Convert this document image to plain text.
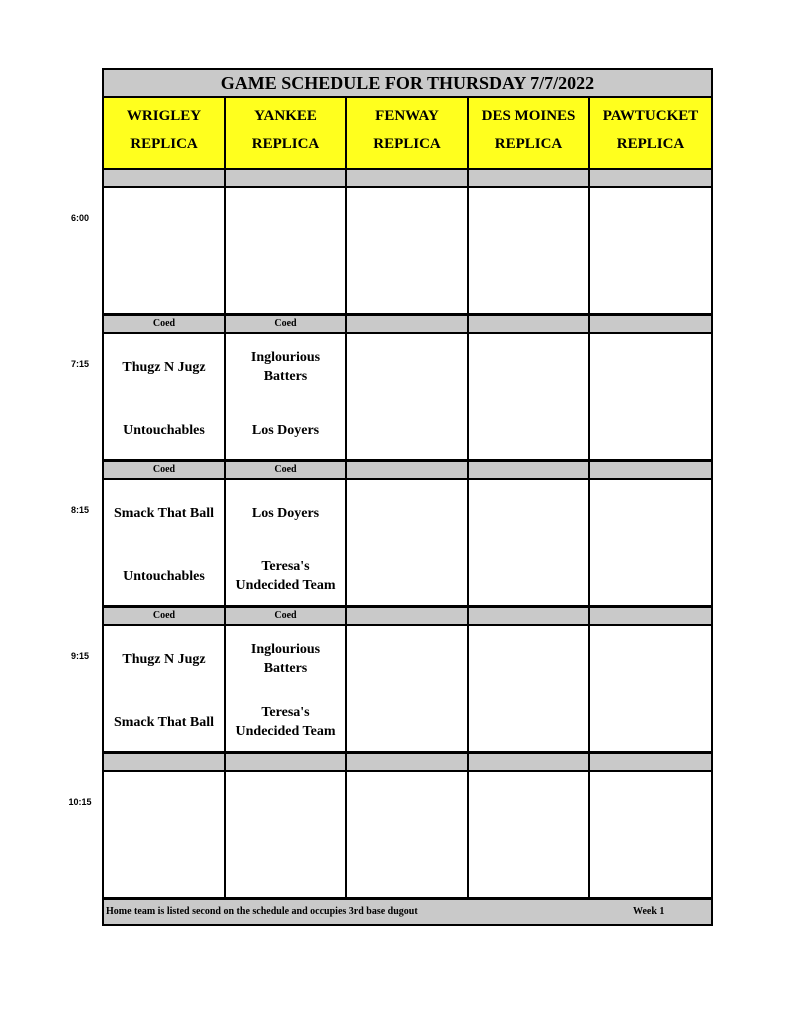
GAME SCHEDULE FOR THURSDAY 7/7/2022
Home team is listed second on the schedule and occupies 3rd base dugout	Week 1
WRIGLEY
REPLICA
YANKEE
REPLICA
FENWAY
REPLICA
DES MOINES
REPLICA
PAWTUCKET
REPLICA
Coed
Thugz N Jugz
Untouchables
Coed
Inglourious Batters
Los Doyers
Coed
Smack That Ball
Untouchables
Coed
Los Doyers
Teresa's Undecided Team
Coed
Thugz N Jugz
Smack That Ball
Coed
Inglourious Batters
Teresa's Undecided Team
6:00
7:15
8:15
9:15
10:15
